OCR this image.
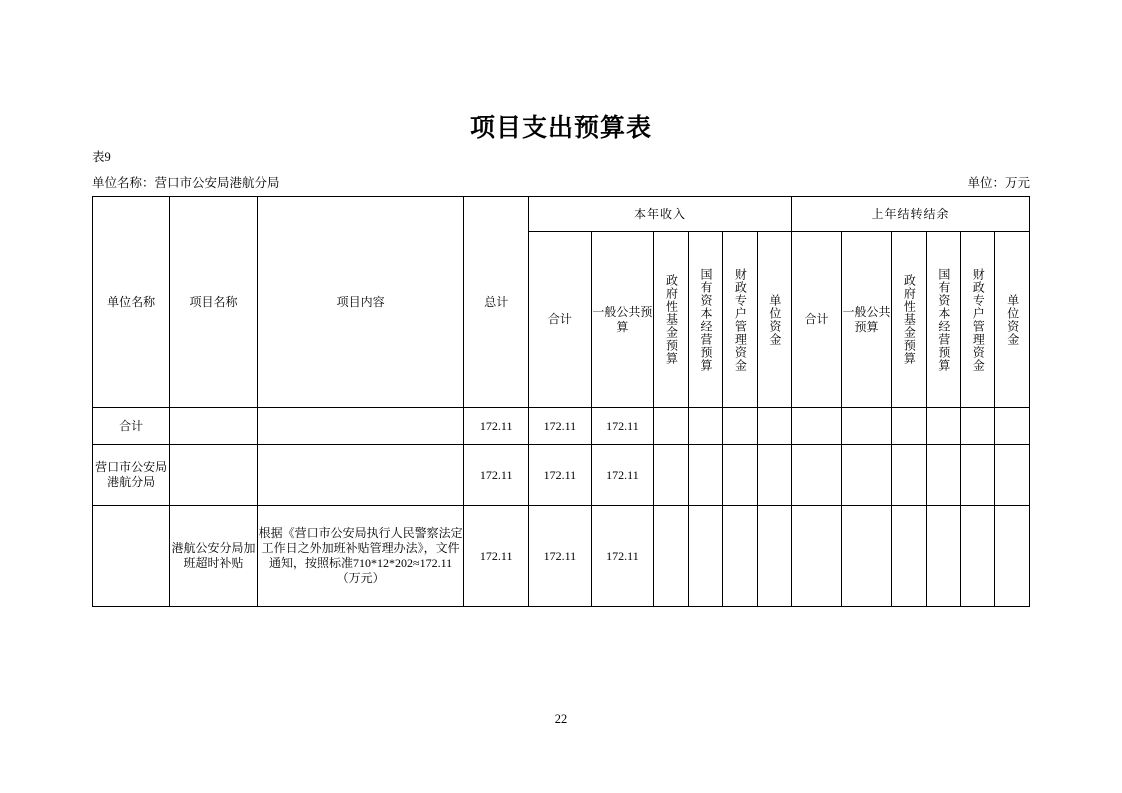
项目支出预算表
表9
单位名称：营口市公安局港航分局	单位：万元
单位名称	项目名称	项目内容	总计	本年收入						上年结转结余					
				合计	一般公共预算	政府性基金预算	国有资本经营预算	财政专户管理资金	单位资金	合计	一般公共预算	政府性基金预算	国有资本经营预算	财政专户管理资金	单位资金

合计			172.11	172.11	172.11										
营口市公安局港航分局			172.11	172.11	172.11										
	港航公安分局加班超时补贴	根据《营口市公安局执行人民警察法定工作日之外加班补贴管理办法》，文件通知，按照标准710*12*202≈172.11（万元）	172.11	172.11	172.11										
22
